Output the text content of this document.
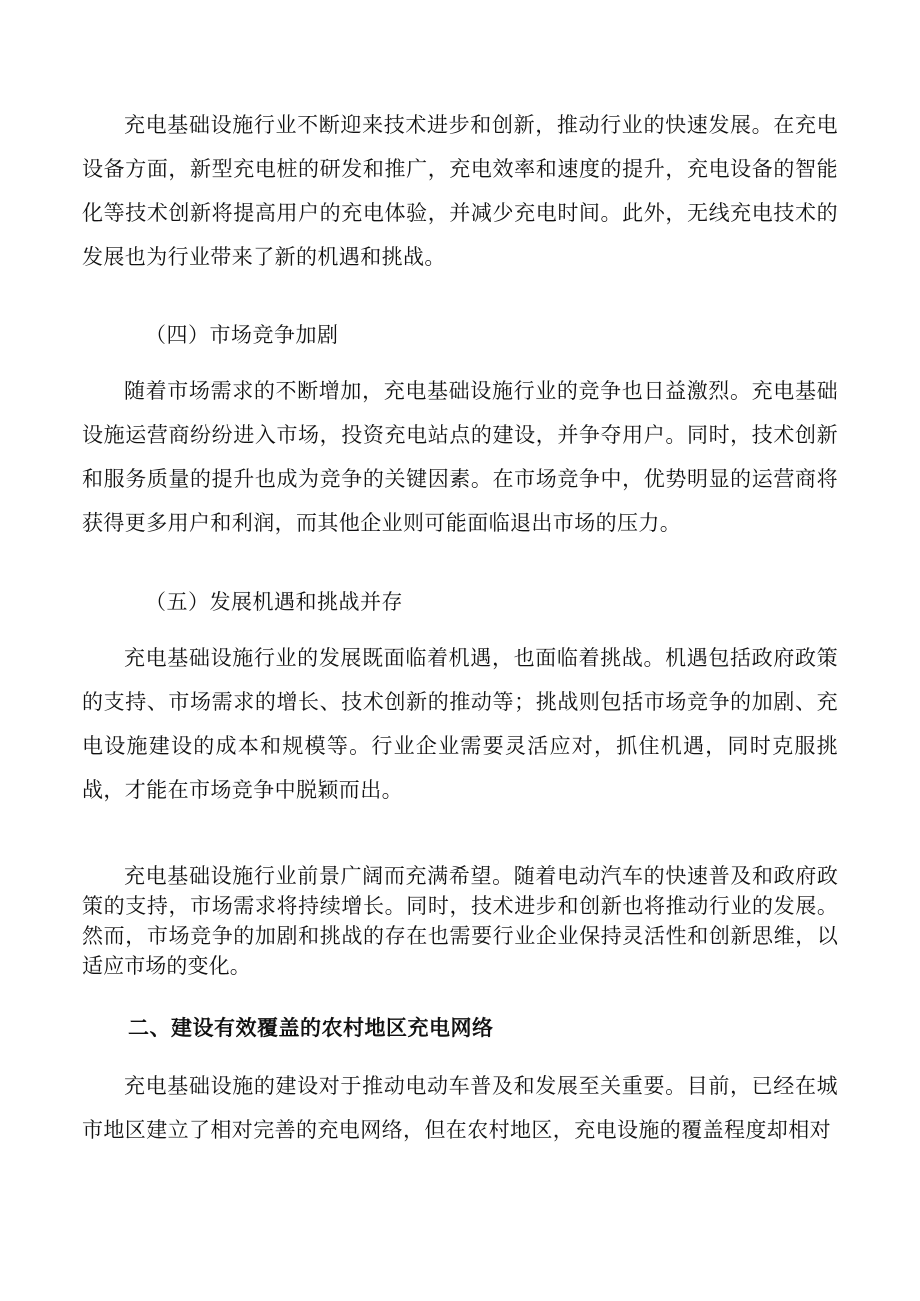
充电基础设施行业不断迎来技术进步和创新，推动行业的快速发展。在充电设备方面，新型充电桩的研发和推广，充电效率和速度的提升，充电设备的智能化等技术创新将提高用户的充电体验，并减少充电时间。此外，无线充电技术的发展也为行业带来了新的机遇和挑战。

（四）市场竞争加剧

随着市场需求的不断增加，充电基础设施行业的竞争也日益激烈。充电基础设施运营商纷纷进入市场，投资充电站点的建设，并争夺用户。同时，技术创新和服务质量的提升也成为竞争的关键因素。在市场竞争中，优势明显的运营商将获得更多用户和利润，而其他企业则可能面临退出市场的压力。

（五）发展机遇和挑战并存

充电基础设施行业的发展既面临着机遇，也面临着挑战。机遇包括政府政策的支持、市场需求的增长、技术创新的推动等；挑战则包括市场竞争的加剧、充电设施建设的成本和规模等。行业企业需要灵活应对，抓住机遇，同时克服挑战，才能在市场竞争中脱颖而出。

充电基础设施行业前景广阔而充满希望。随着电动汽车的快速普及和政府政策的支持，市场需求将持续增长。同时，技术进步和创新也将推动行业的发展。然而，市场竞争的加剧和挑战的存在也需要行业企业保持灵活性和创新思维，以适应市场的变化。

二、建设有效覆盖的农村地区充电网络

充电基础设施的建设对于推动电动车普及和发展至关重要。目前，已经在城市地区建立了相对完善的充电网络，但在农村地区，充电设施的覆盖程度却相对
